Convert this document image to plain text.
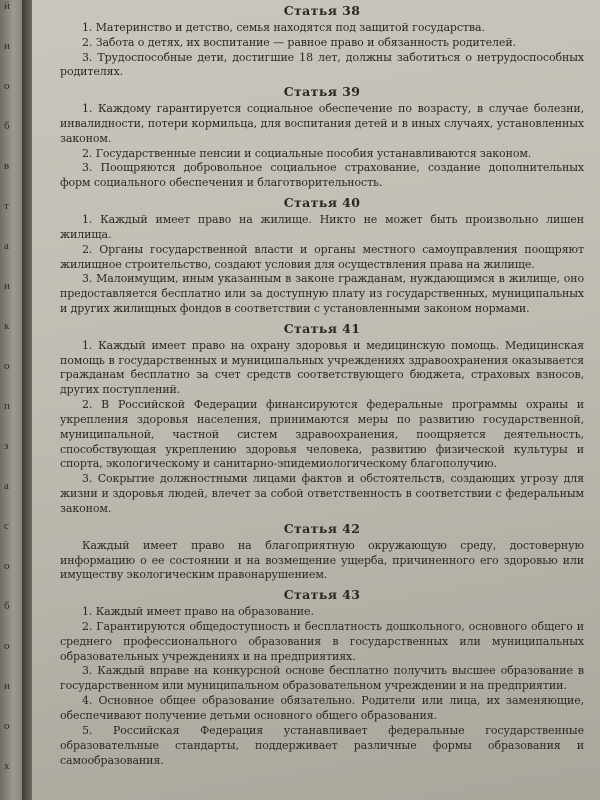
й
и
о
б
в
т
а
и
к
о
п
з
а
с
о
б
о
н
о
х
Статья 38

1. Материнство и детство, семья находятся под защитой государства.

2. Забота о детях, их воспитание — равное право и обязанность родителей.

3. Трудоспособные дети, достигшие 18 лет, должны заботиться о нетрудоспособных родителях.

Статья 39

1. Каждому гарантируется социальное обеспечение по возрасту, в случае болезни, инвалидности, потери кормильца, для воспитания детей и в иных случаях, установленных законом.

2. Государственные пенсии и социальные пособия устанавливаются законом.

3. Поощряются добровольное социальное страхование, создание дополнительных форм социального обеспечения и благотворительность.

Статья 40

1. Каждый имеет право на жилище. Никто не может быть произвольно лишен жилища.

2. Органы государственной власти и органы местного самоуправления поощряют жилищное строительство, создают условия для осуществления права на жилище.

3. Малоимущим, иным указанным в законе гражданам, нуждающимся в жилище, оно предоставляется бесплатно или за доступную плату из государственных, муниципальных и других жилищных фондов в соответствии с установленными законом нормами.

Статья 41

1. Каждый имеет право на охрану здоровья и медицинскую помощь. Медицинская помощь в государственных и муниципальных учреждениях здравоохранения оказывается гражданам бесплатно за счет средств соответствующего бюджета, страховых взносов, других поступлений.

2. В Российской Федерации финансируются федеральные программы охраны и укрепления здоровья населения, принимаются меры по развитию государственной, муниципальной, частной систем здравоохранения, поощряется деятельность, способствующая укреплению здоровья человека, развитию физической культуры и спорта, экологическому и санитарно-эпидемиологическому благополучию.

3. Сокрытие должностными лицами фактов и обстоятельств, создающих угрозу для жизни и здоровья людей, влечет за собой ответственность в соответствии с федеральным законом.

Статья 42

Каждый имеет право на благоприятную окружающую среду, достоверную информацию о ее состоянии и на возмещение ущерба, причиненного его здоровью или имуществу экологическим правонарушением.

Статья 43

1. Каждый имеет право на образование.

2. Гарантируются общедоступность и бесплатность дошкольного, основного общего и среднего профессионального образования в государственных или муниципальных образовательных учреждениях и на предприятиях.

3. Каждый вправе на конкурсной основе бесплатно получить высшее образование в государственном или муниципальном образовательном учреждении и на предприятии.

4. Основное общее образование обязательно. Родители или лица, их заменяющие, обеспечивают получение детьми основного общего образования.

5. Российская Федерация устанавливает федеральные государственные образовательные стандарты, поддерживает различные формы образования и самообразования.
